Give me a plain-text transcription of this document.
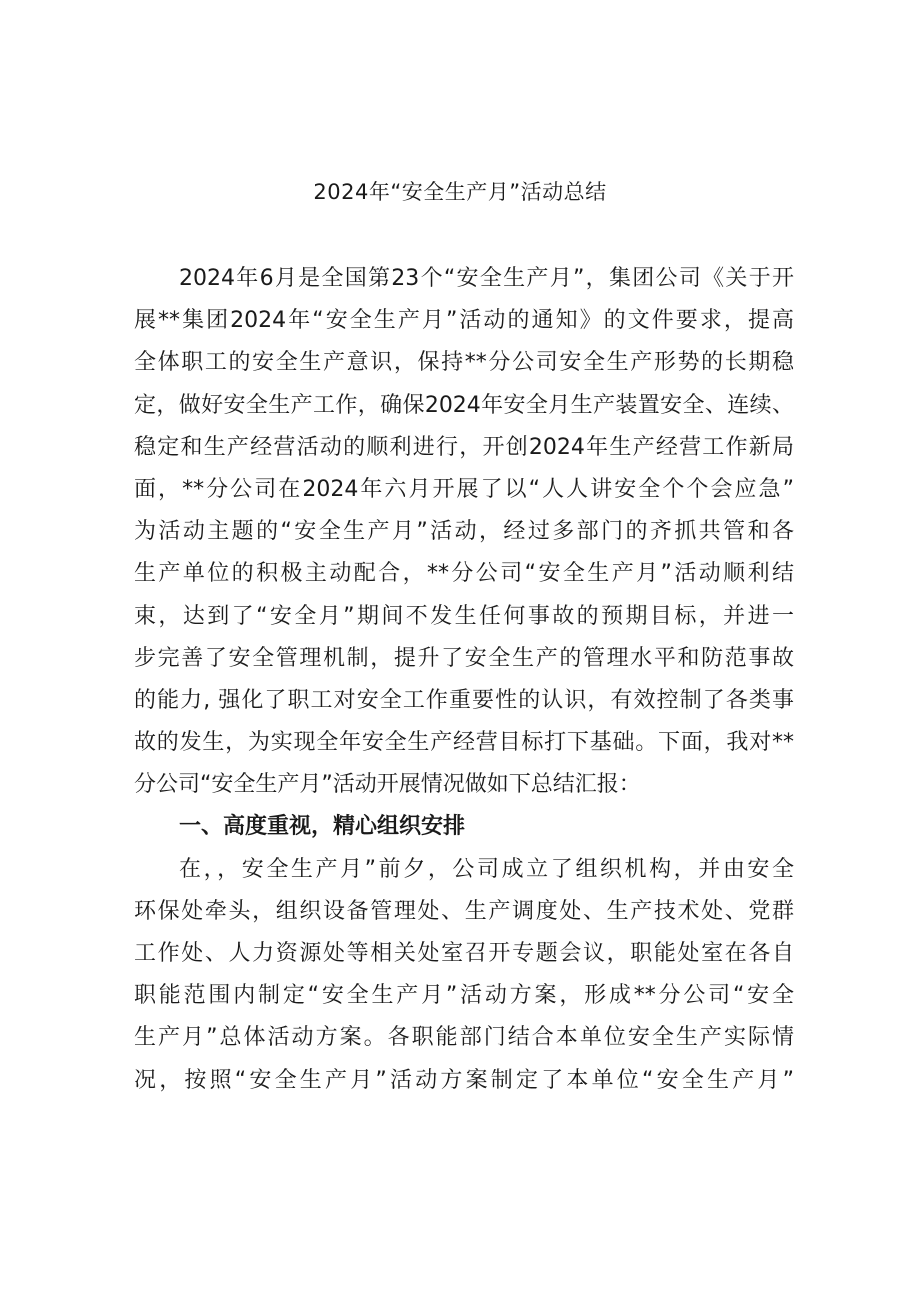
2024年“安全生产月”活动总结
2024年6月是全国第23个“安全生产月”，集团公司《关于开
展**集团2024年“安全生产月”活动的通知》的文件要求，提高
全体职工的安全生产意识，保持**分公司安全生产形势的长期稳
定，做好安全生产工作，确保2024年安全月生产装置安全、连续、
稳定和生产经营活动的顺利进行，开创2024年生产经营工作新局
面，**分公司在2024年六月开展了以“人人讲安全个个会应急”
为活动主题的“安全生产月”活动，经过多部门的齐抓共管和各
生产单位的积极主动配合，**分公司“安全生产月”活动顺利结
束，达到了“安全月”期间不发生任何事故的预期目标，并进一
步完善了安全管理机制，提升了安全生产的管理水平和防范事故
的能力, 强化了职工对安全工作重要性的认识，有效控制了各类事
故的发生，为实现全年安全生产经营目标打下基础。下面，我对**
分公司“安全生产月”活动开展情况做如下总结汇报：
一、高度重视，精心组织安排
在，，安全生产月”前夕，公司成立了组织机构，并由安全
环保处牵头，组织设备管理处、生产调度处、生产技术处、党群
工作处、人力资源处等相关处室召开专题会议，职能处室在各自
职能范围内制定“安全生产月”活动方案，形成**分公司“安全
生产月”总体活动方案。各职能部门结合本单位安全生产实际情
况，按照“安全生产月”活动方案制定了本单位“安全生产月”
